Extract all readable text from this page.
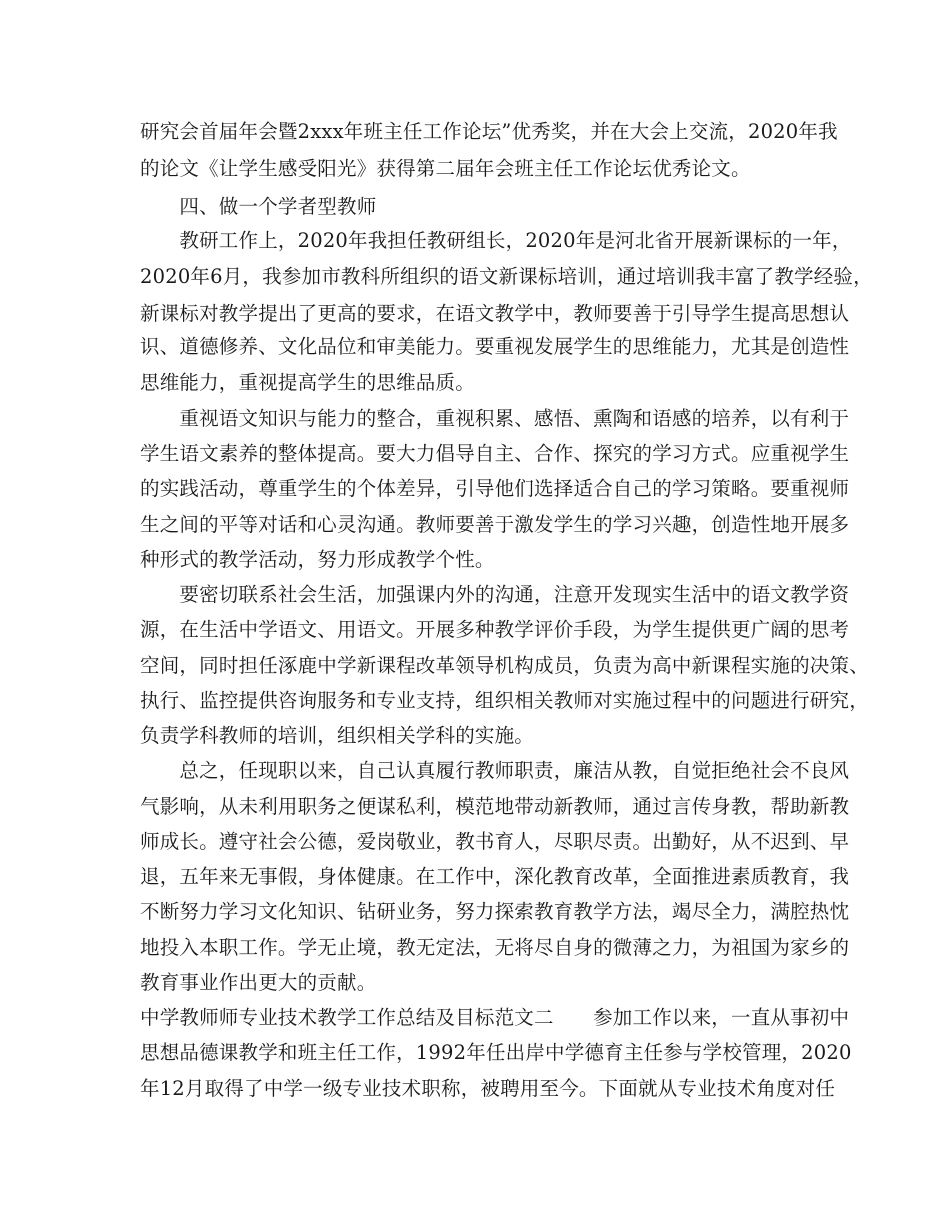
研究会首届年会暨2xxx年班主任工作论坛”优秀奖，并在大会上交流，2020年我
的论文《让学生感受阳光》获得第二届年会班主任工作论坛优秀论文。
　　四、做一个学者型教师
　　教研工作上，2020年我担任教研组长，2020年是河北省开展新课标的一年，
2020年6月，我参加市教科所组织的语文新课标培训，通过培训我丰富了教学经验，
新课标对教学提出了更高的要求，在语文教学中，教师要善于引导学生提高思想认
识、道德修养、文化品位和审美能力。要重视发展学生的思维能力，尤其是创造性
思维能力，重视提高学生的思维品质。
　　重视语文知识与能力的整合，重视积累、感悟、熏陶和语感的培养，以有利于
学生语文素养的整体提高。要大力倡导自主、合作、探究的学习方式。应重视学生
的实践活动，尊重学生的个体差异，引导他们选择适合自己的学习策略。要重视师
生之间的平等对话和心灵沟通。教师要善于激发学生的学习兴趣，创造性地开展多
种形式的教学活动，努力形成教学个性。
　　要密切联系社会生活，加强课内外的沟通，注意开发现实生活中的语文教学资
源，在生活中学语文、用语文。开展多种教学评价手段，为学生提供更广阔的思考
空间，同时担任涿鹿中学新课程改革领导机构成员，负责为高中新课程实施的决策、
执行、监控提供咨询服务和专业支持，组织相关教师对实施过程中的问题进行研究，
负责学科教师的培训，组织相关学科的实施。
　　总之，任现职以来，自己认真履行教师职责，廉洁从教，自觉拒绝社会不良风
气影响，从未利用职务之便谋私利，模范地带动新教师，通过言传身教，帮助新教
师成长。遵守社会公德，爱岗敬业，教书育人，尽职尽责。出勤好，从不迟到、早
退，五年来无事假，身体健康。在工作中，深化教育改革，全面推进素质教育，我
不断努力学习文化知识、钻研业务，努力探索教育教学方法，竭尽全力，满腔热忱
地投入本职工作。学无止境，教无定法，无将尽自身的微薄之力，为祖国为家乡的
教育事业作出更大的贡献。
中学教师师专业技术教学工作总结及目标范文二　　参加工作以来，一直从事初中
思想品德课教学和班主任工作，1992年任出岸中学德育主任参与学校管理，2020
年12月取得了中学一级专业技术职称，被聘用至今。下面就从专业技术角度对任
